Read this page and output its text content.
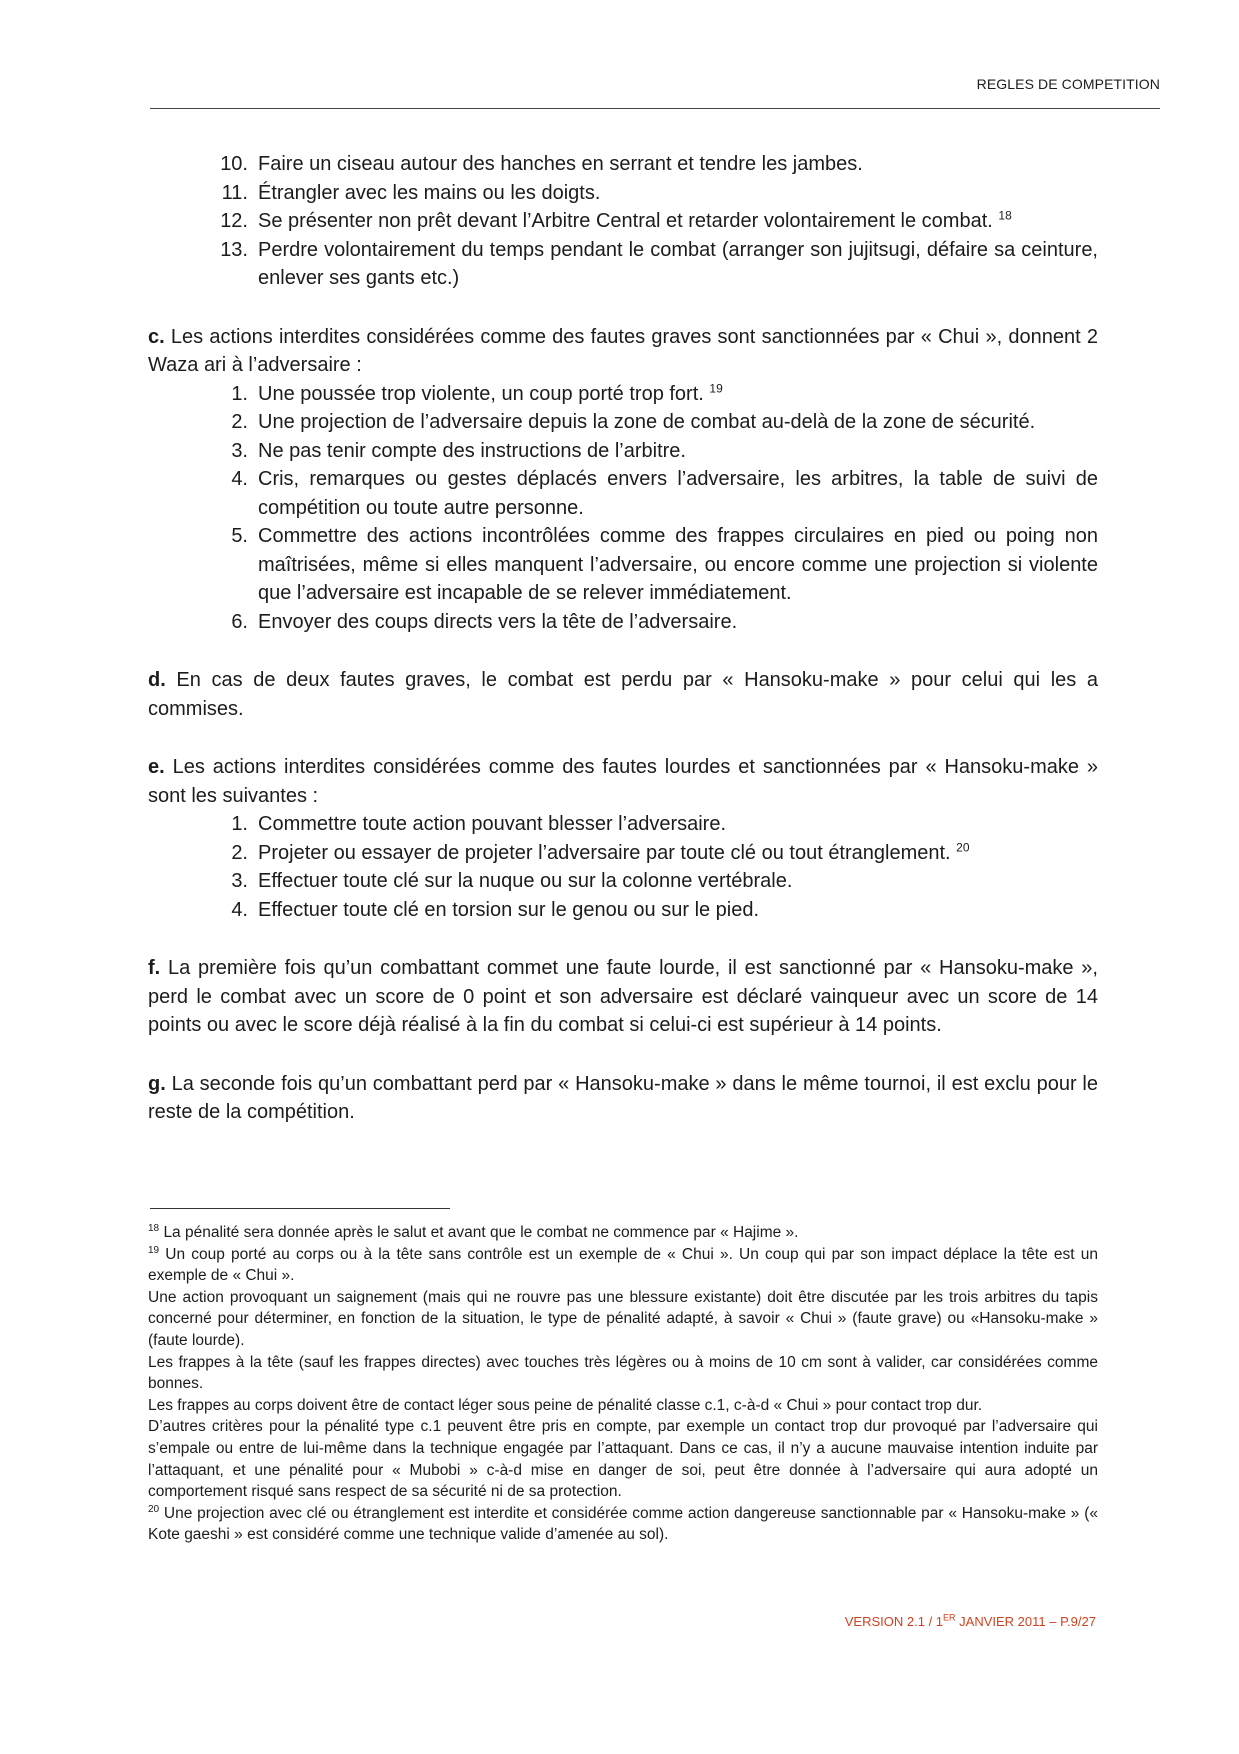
REGLES DE COMPETITION
10. Faire un ciseau autour des hanches en serrant et tendre les jambes.
11. Étrangler avec les mains ou les doigts.
12. Se présenter non prêt devant l’Arbitre Central et retarder volontairement le combat. $^{18}$
13. Perdre volontairement du temps pendant le combat (arranger son jujitsugi, défaire sa ceinture, enlever ses gants etc.)

c. Les actions interdites considérées comme des fautes graves sont sanctionnées par « Chui », donnent 2 Waza ari à l’adversaire :

1. Une poussée trop violente, un coup porté trop fort. $^{19}$
2. Une projection de l’adversaire depuis la zone de combat au-delà de la zone de sécurité.
3. Ne pas tenir compte des instructions de l’arbitre.
4. Cris, remarques ou gestes déplacés envers l’adversaire, les arbitres, la table de suivi de compétition ou toute autre personne.
5. Commettre des actions incontrôlées comme des frappes circulaires en pied ou poing non maîtrisées, même si elles manquent l’adversaire, ou encore comme une projection si violente que l’adversaire est incapable de se relever immédiatement.
6. Envoyer des coups directs vers la tête de l’adversaire.

d. En cas de deux fautes graves, le combat est perdu par « Hansoku-make » pour celui qui les a commises.

e. Les actions interdites considérées comme des fautes lourdes et sanctionnées par « Hansoku-make » sont les suivantes :

1. Commettre toute action pouvant blesser l’adversaire.
2. Projeter ou essayer de projeter l’adversaire par toute clé ou tout étranglement. $^{20}$
3. Effectuer toute clé sur la nuque ou sur la colonne vertébrale.
4. Effectuer toute clé en torsion sur le genou ou sur le pied.

f. La première fois qu’un combattant commet une faute lourde, il est sanctionné par « Hansoku-make », perd le combat avec un score de 0 point et son adversaire est déclaré vainqueur avec un score de 14 points ou avec le score déjà réalisé à la fin du combat si celui-ci est supérieur à 14 points.

g. La seconde fois qu’un combattant perd par « Hansoku-make » dans le même tournoi, il est exclu pour le reste de la compétition.

$^{18}$ La pénalité sera donnée après le salut et avant que le combat ne commence par « Hajime ».

$^{19}$ Un coup porté au corps ou à la tête sans contrôle est un exemple de « Chui ». Un coup qui par son impact déplace la tête est un exemple de « Chui ».

Une action provoquant un saignement (mais qui ne rouvre pas une blessure existante) doit être discutée par les trois arbitres du tapis concerné pour déterminer, en fonction de la situation, le type de pénalité adapté, à savoir « Chui » (faute grave) ou «Hansoku-make » (faute lourde).

Les frappes à la tête (sauf les frappes directes) avec touches très légères ou à moins de 10 cm sont à valider, car considérées comme bonnes.

Les frappes au corps doivent être de contact léger sous peine de pénalité classe c.1, c-à-d « Chui » pour contact trop dur.

D’autres critères pour la pénalité type c.1 peuvent être pris en compte, par exemple un contact trop dur provoqué par l’adversaire qui s’empale ou entre de lui-même dans la technique engagée par l’attaquant. Dans ce cas, il n’y a aucune mauvaise intention induite par l’attaquant, et une pénalité pour « Mubobi » c-à-d mise en danger de soi, peut être donnée à l’adversaire qui aura adopté un comportement risqué sans respect de sa sécurité ni de sa protection.

$^{20}$ Une projection avec clé ou étranglement est interdite et considérée comme action dangereuse sanctionnable par « Hansoku-make » (« Kote gaeshi » est considéré comme une technique valide d’amenée au sol).

VERSION 2.1 / 1ER JANVIER 2011 – P.9/27
